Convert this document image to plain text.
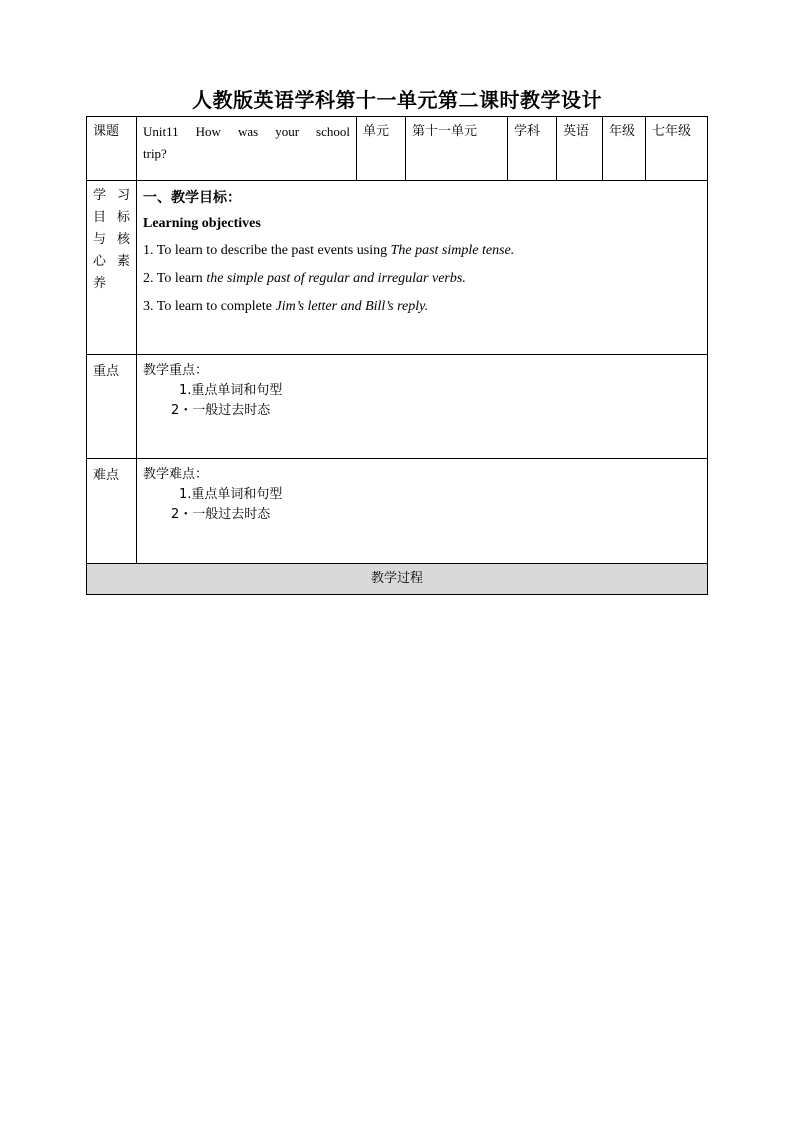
人教版英语学科第十一单元第二课时教学设计
课题	Unit11 How was your school trip?	单元	第十一单元	学科	英语	年级	七年级
学习目标与核心素养	一、教学目标：
Learning objectives
1. To learn to describe the past events using The past simple tense.
2. To learn the simple past of regular and irregular verbs.
3. To learn to complete Jim’s letter and Bill’s reply.						

重点	教学重点：
1.重点单词和句型
2・一般过去时态						

难点	教学难点：
1.重点单词和句型
2・一般过去时态						

教学过程							
